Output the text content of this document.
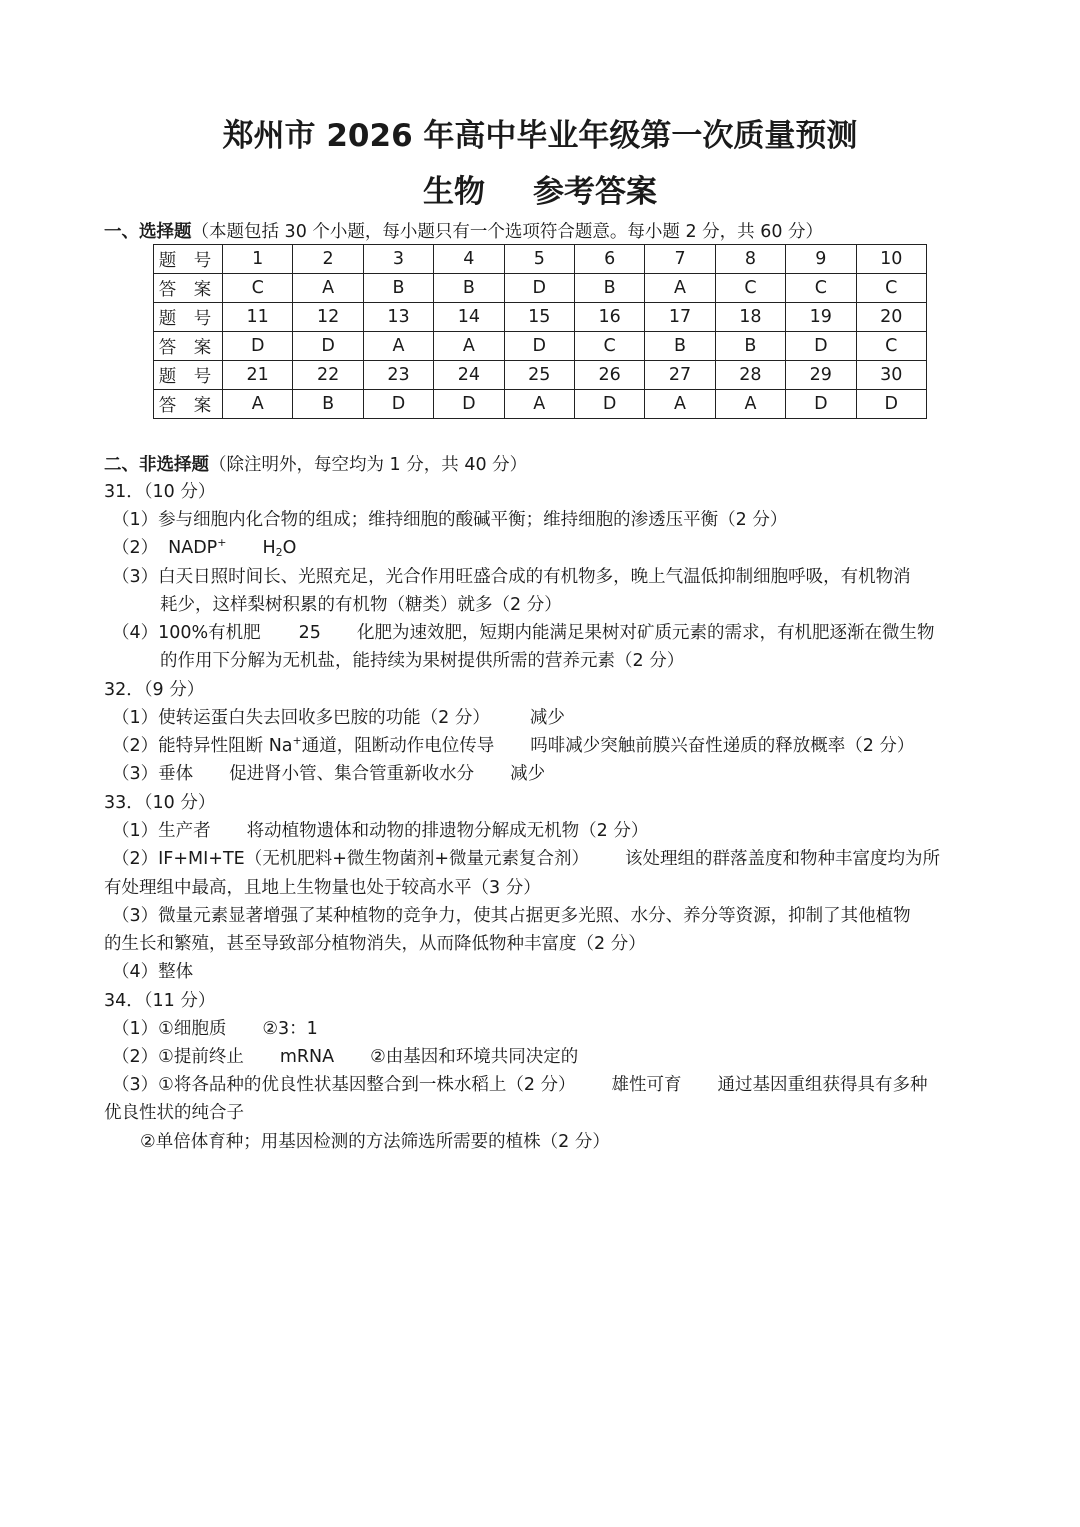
郑州市 2026 年高中毕业年级第一次质量预测
生物 参考答案
一、选择题（本题包括 30 个小题，每小题只有一个选项符合题意。每小题 2 分，共 60 分）
题 号	1	2	3	4	5	6	7	8	9	10
答 案	C	A	B	B	D	B	A	C	C	C
题 号	11	12	13	14	15	16	17	18	19	20
答 案	D	D	A	A	D	C	B	B	D	C
题 号	21	22	23	24	25	26	27	28	29	30
答 案	A	B	D	D	A	D	A	A	D	D
二、非选择题（除注明外，每空均为 1 分，共 40 分）
31．（10 分）
（1）参与细胞内化合物的组成；维持细胞的酸碱平衡；维持细胞的渗透压平衡（2 分）
（2） NADP+ $H_2O$
（3）白天日照时间长、光照充足，光合作用旺盛合成的有机物多，晚上气温低抑制细胞呼吸，有机物消
耗少，这样梨树积累的有机物（糖类）就多（2 分）
（4）100%有机肥 25 化肥为速效肥，短期内能满足果树对矿质元素的需求，有机肥逐渐在微生物
的作用下分解为无机盐，能持续为果树提供所需的营养元素（2 分）
32．（9 分）
（1）使转运蛋白失去回收多巴胺的功能（2 分） 减少
（2）能特异性阻断 Na+通道，阻断动作电位传导 吗啡减少突触前膜兴奋性递质的释放概率（2 分）
（3）垂体 促进肾小管、集合管重新收水分 减少
33．（10 分）
（1）生产者 将动植物遗体和动物的排遗物分解成无机物（2 分）
（2）IF+MI+TE（无机肥料+微生物菌剂+微量元素复合剂） 该处理组的群落盖度和物种丰富度均为所
有处理组中最高，且地上生物量也处于较高水平（3 分）
（3）微量元素显著增强了某种植物的竞争力，使其占据更多光照、水分、养分等资源，抑制了其他植物
的生长和繁殖，甚至导致部分植物消失，从而降低物种丰富度（2 分）
（4）整体
34．（11 分）
（1）①细胞质 ②3：1
（2）①提前终止 mRNA ②由基因和环境共同决定的
（3）①将各品种的优良性状基因整合到一株水稻上（2 分） 雄性可育 通过基因重组获得具有多种
优良性状的纯合子
②单倍体育种；用基因检测的方法筛选所需要的植株（2 分）
